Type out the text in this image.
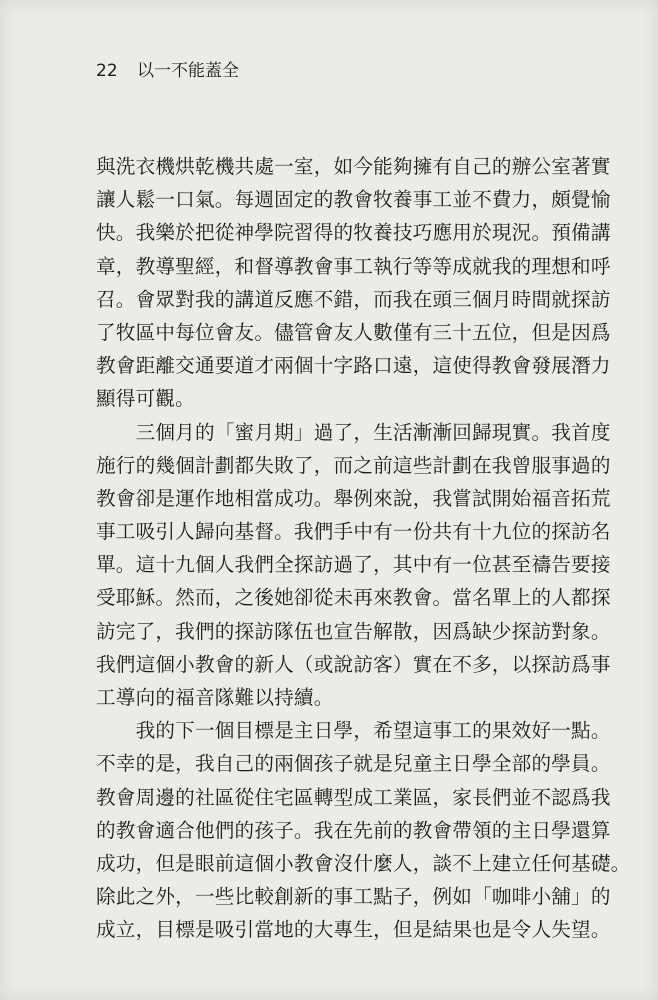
22 以一不能蓋全
與洗衣機烘乾機共處一室，如今能夠擁有自己的辦公室著實
讓人鬆一口氣。每週固定的教會牧養事工並不費力，頗覺愉
快。我樂於把從神學院習得的牧養技巧應用於現況。預備講
章，教導聖經，和督導教會事工執行等等成就我的理想和呼
召。會眾對我的講道反應不錯，而我在頭三個月時間就探訪
了牧區中每位會友。儘管會友人數僅有三十五位，但是因爲
教會距離交通要道才兩個十字路口遠，這使得教會發展潛力
顯得可觀。
　　三個月的「蜜月期」過了，生活漸漸回歸現實。我首度
施行的幾個計劃都失敗了，而之前這些計劃在我曾服事過的
教會卻是運作地相當成功。舉例來說，我嘗試開始福音拓荒
事工吸引人歸向基督。我們手中有一份共有十九位的探訪名
單。這十九個人我們全探訪過了，其中有一位甚至禱告要接
受耶穌。然而，之後她卻從未再來教會。當名單上的人都探
訪完了，我們的探訪隊伍也宣告解散，因爲缺少探訪對象。
我們這個小教會的新人（或說訪客）實在不多，以探訪爲事
工導向的福音隊難以持續。
　　我的下一個目標是主日學，希望這事工的果效好一點。
不幸的是，我自己的兩個孩子就是兒童主日學全部的學員。
教會周邊的社區從住宅區轉型成工業區，家長們並不認爲我
的教會適合他們的孩子。我在先前的教會帶領的主日學還算
成功，但是眼前這個小教會沒什麼人，談不上建立任何基礎。
除此之外，一些比較創新的事工點子，例如「咖啡小舖」的
成立，目標是吸引當地的大專生，但是結果也是令人失望。
